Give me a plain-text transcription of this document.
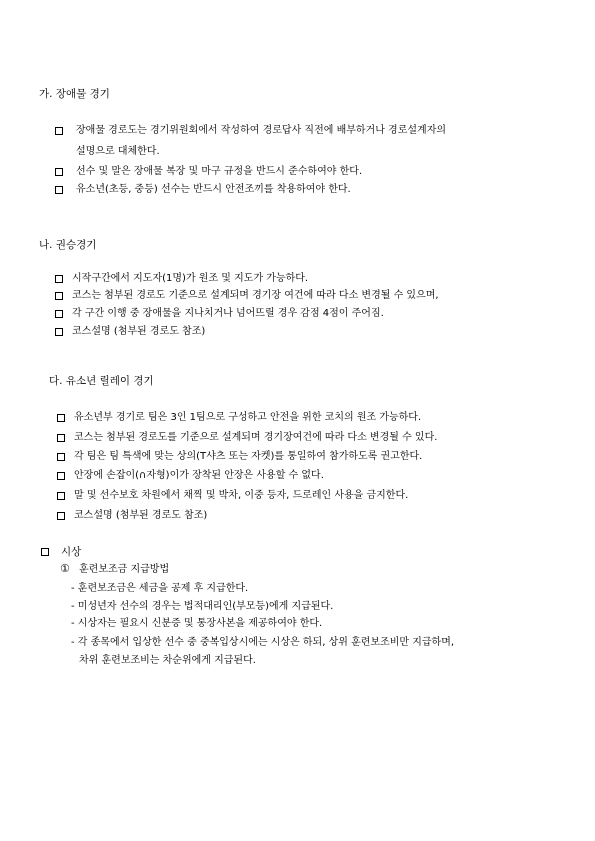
가. 장애물 경기
장애물 경로도는 경기위원회에서 작성하여 경로답사 직전에 배부하거나 경로설계자의
설명으로 대체한다.
선수 및 말은 장애물 복장 및 마구 규정을 반드시 준수하여야 한다.
유소년(초등, 중등) 선수는 반드시 안전조끼를 착용하여야 한다.
나. 권승경기
시작구간에서 지도자(1명)가 원조 및 지도가 가능하다.
코스는 첨부된 경로도 기준으로 설계되며 경기장 여건에 따라 다소 변경될 수 있으며,
각 구간 이행 중 장애물을 지나치거나 넘어뜨릴 경우 감점 4점이 주어짐.
코스설명 (첨부된 경로도 참조)
다. 유소년 릴레이 경기
유소년부 경기로 팀은 3인 1팀으로 구성하고 안전을 위한 코치의 원조 가능하다.
코스는 첨부된 경로도를 기준으로 설계되며 경기장여건에 따라 다소 변경될 수 있다.
각 팀은 팀 특색에 맞는 상의(T샤츠 또는 자켓)를 통일하여 참가하도록 권고한다.
안장에 손잡이(∩자형)이가 장착된 안장은 사용할 수 없다.
말 및 선수보호 차원에서 채찍 및 박차, 이중 등자, 드로레인 사용을 금지한다.
코스설명 (첨부된 경로도 참조)
시상
① 훈련보조금 지급방법
- 훈련보조금은 세금을 공제 후 지급한다.
- 미성년자 선수의 경우는 법적대리인(부모등)에게 지급된다.
- 시상자는 필요시 신분증 및 통장사본을 제공하여야 한다.
- 각 종목에서 입상한 선수 중 중복입상시에는 시상은 하되, 상위 훈련보조비만 지급하며,
차위 훈련보조비는 차순위에게 지급된다.
